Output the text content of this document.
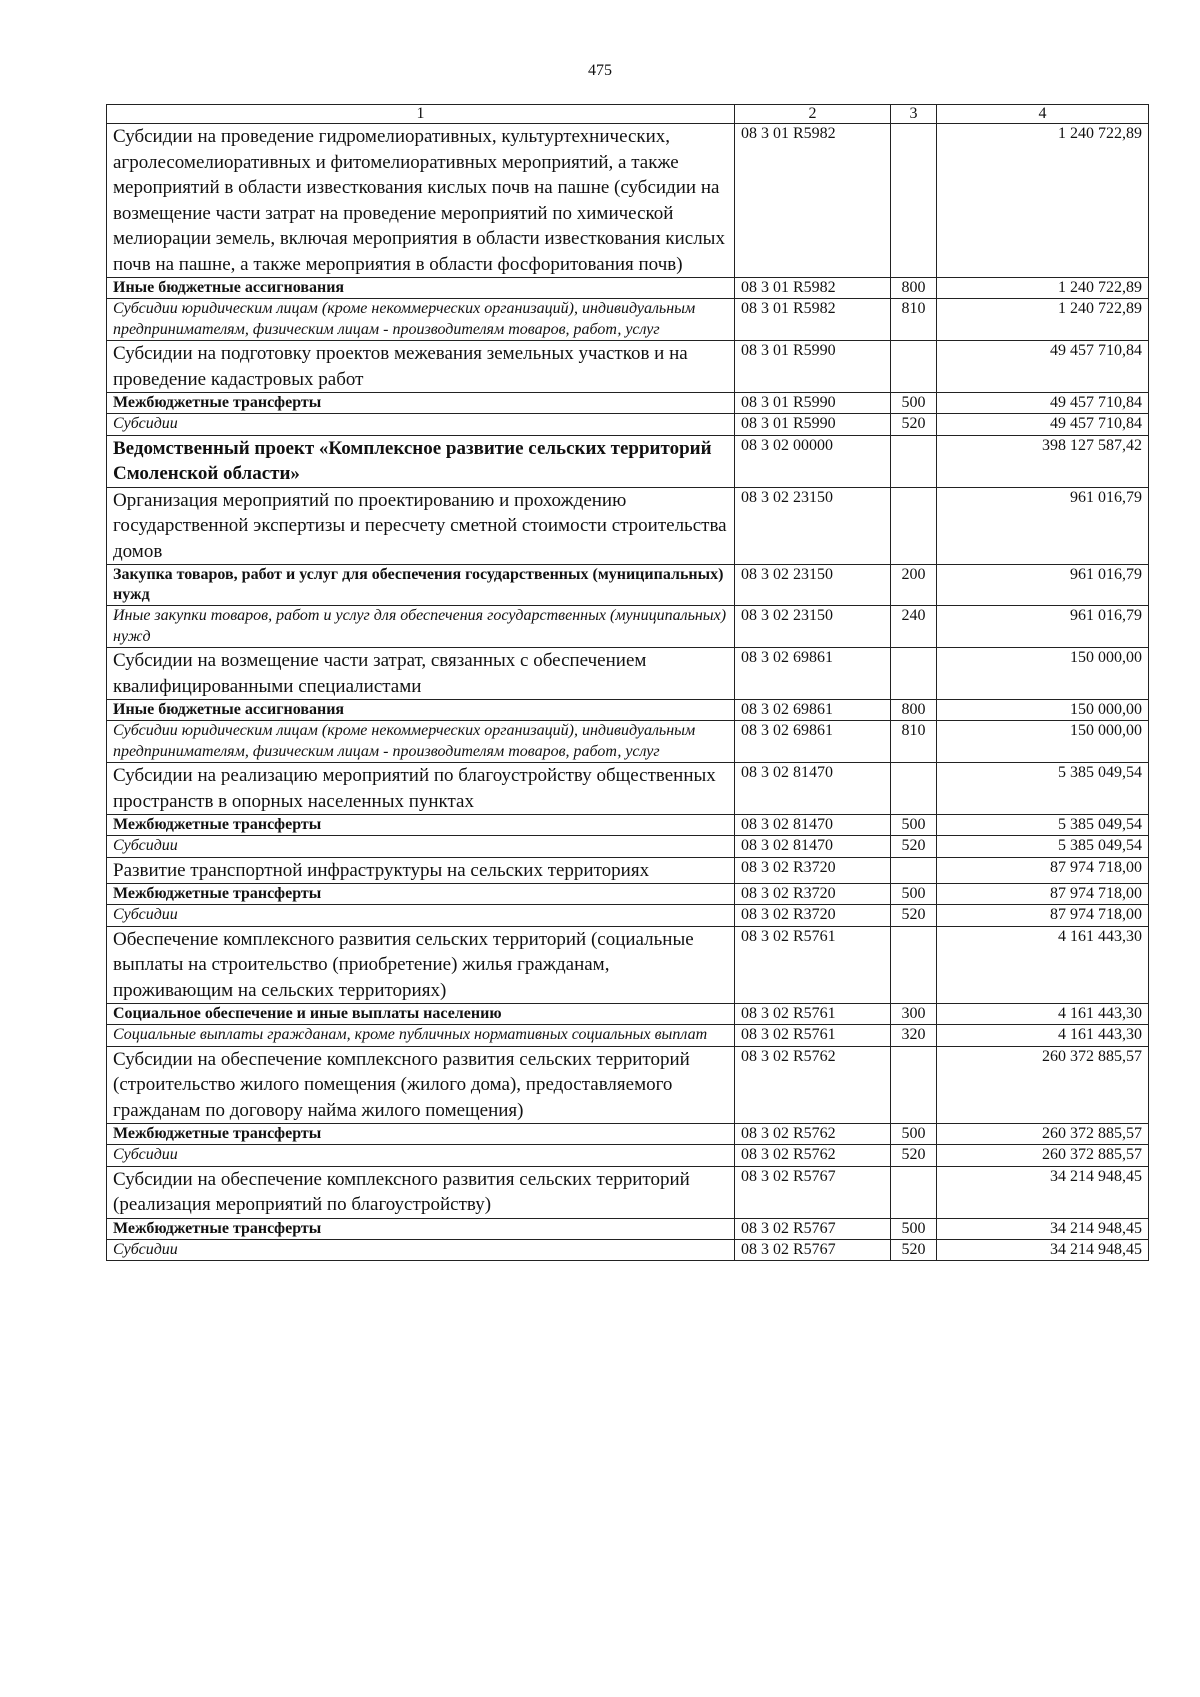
475
1	2	3	4
Субсидии на проведение гидромелиоративных, культуртехнических, агролесомелиоративных и фитомелиоративных мероприятий, а также мероприятий в области известкования кислых почв на пашне (субсидии на возмещение части затрат на проведение мероприятий по химической мелиорации земель, включая мероприятия в области известкования кислых почв на пашне, а также мероприятия в области фосфоритования почв)	08 3 01 R5982		1 240 722,89
Иные бюджетные ассигнования	08 3 01 R5982	800	1 240 722,89
Субсидии юридическим лицам (кроме некоммерческих организаций), индивидуальным предпринимателям, физическим лицам - производителям товаров, работ, услуг	08 3 01 R5982	810	1 240 722,89
Субсидии на подготовку проектов межевания земельных участков и на проведение кадастровых работ	08 3 01 R5990		49 457 710,84
Межбюджетные трансферты	08 3 01 R5990	500	49 457 710,84
Субсидии	08 3 01 R5990	520	49 457 710,84
Ведомственный проект «Комплексное развитие сельских территорий Смоленской области»	08 3 02 00000		398 127 587,42
Организация мероприятий по проектированию и прохождению государственной экспертизы и пересчету сметной стоимости строительства домов	08 3 02 23150		961 016,79
Закупка товаров, работ и услуг для обеспечения государственных (муниципальных) нужд	08 3 02 23150	200	961 016,79
Иные закупки товаров, работ и услуг для обеспечения государственных (муниципальных) нужд	08 3 02 23150	240	961 016,79
Субсидии на возмещение части затрат, связанных с обеспечением квалифицированными специалистами	08 3 02 69861		150 000,00
Иные бюджетные ассигнования	08 3 02 69861	800	150 000,00
Субсидии юридическим лицам (кроме некоммерческих организаций), индивидуальным предпринимателям, физическим лицам - производителям товаров, работ, услуг	08 3 02 69861	810	150 000,00
Субсидии на реализацию мероприятий по благоустройству общественных пространств в опорных населенных пунктах	08 3 02 81470		5 385 049,54
Межбюджетные трансферты	08 3 02 81470	500	5 385 049,54
Субсидии	08 3 02 81470	520	5 385 049,54
Развитие транспортной инфраструктуры на сельских территориях	08 3 02 R3720		87 974 718,00
Межбюджетные трансферты	08 3 02 R3720	500	87 974 718,00
Субсидии	08 3 02 R3720	520	87 974 718,00
Обеспечение комплексного развития сельских территорий (социальные выплаты на строительство (приобретение) жилья гражданам, проживающим на сельских территориях)	08 3 02 R5761		4 161 443,30
Социальное обеспечение и иные выплаты населению	08 3 02 R5761	300	4 161 443,30
Социальные выплаты гражданам, кроме публичных нормативных социальных выплат	08 3 02 R5761	320	4 161 443,30
Субсидии на обеспечение комплексного развития сельских территорий (строительство жилого помещения (жилого дома), предоставляемого гражданам по договору найма жилого помещения)	08 3 02 R5762		260 372 885,57
Межбюджетные трансферты	08 3 02 R5762	500	260 372 885,57
Субсидии	08 3 02 R5762	520	260 372 885,57
Субсидии на обеспечение комплексного развития сельских территорий (реализация мероприятий по благоустройству)	08 3 02 R5767		34 214 948,45
Межбюджетные трансферты	08 3 02 R5767	500	34 214 948,45
Субсидии	08 3 02 R5767	520	34 214 948,45
